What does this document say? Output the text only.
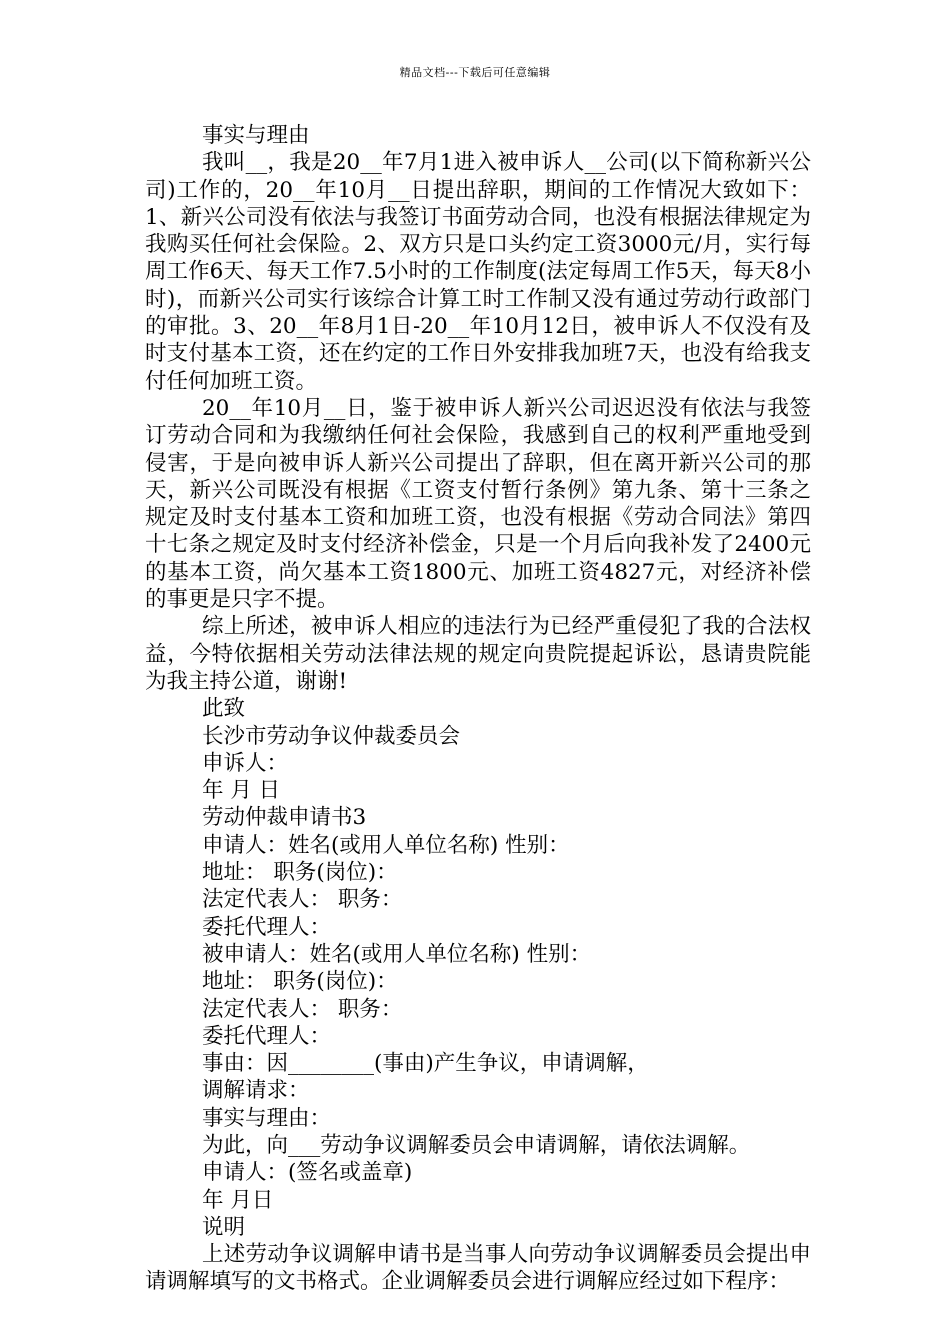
精品文档---下载后可任意编辑

事实与理由

我叫__，我是20__年7月1进入被申诉人__公司(以下简称新兴公司)工作的，20__年10月__日提出辞职，期间的工作情况大致如下：1、新兴公司没有依法与我签订书面劳动合同，也没有根据法律规定为我购买任何社会保险。2、双方只是口头约定工资3000元/月，实行每周工作6天、每天工作7.5小时的工作制度(法定每周工作5天，每天8小时)，而新兴公司实行该综合计算工时工作制又没有通过劳动行政部门的审批。3、20__年8月1日-20__年10月12日，被申诉人不仅没有及时支付基本工资，还在约定的工作日外安排我加班7天，也没有给我支付任何加班工资。

20__年10月__日，鉴于被申诉人新兴公司迟迟没有依法与我签订劳动合同和为我缴纳任何社会保险，我感到自己的权利严重地受到侵害，于是向被申诉人新兴公司提出了辞职，但在离开新兴公司的那天，新兴公司既没有根据《工资支付暂行条例》第九条、第十三条之规定及时支付基本工资和加班工资，也没有根据《劳动合同法》第四十七条之规定及时支付经济补偿金，只是一个月后向我补发了2400元的基本工资，尚欠基本工资1800元、加班工资4827元，对经济补偿的事更是只字不提。

综上所述，被申诉人相应的违法行为已经严重侵犯了我的合法权益，今特依据相关劳动法律法规的规定向贵院提起诉讼，恳请贵院能为我主持公道，谢谢!

此致

长沙市劳动争议仲裁委员会

申诉人：

年 月 日

劳动仲裁申请书3

申请人：姓名(或用人单位名称) 性别：

地址： 职务(岗位)：

法定代表人： 职务：

委托代理人：

被申请人：姓名(或用人单位名称) 性别：

地址： 职务(岗位)：

法定代表人： 职务：

委托代理人：

事由：因________(事由)产生争议，申请调解，

调解请求：

事实与理由：

为此，向___劳动争议调解委员会申请调解，请依法调解。

申请人：(签名或盖章)

年 月日

说明

上述劳动争议调解申请书是当事人向劳动争议调解委员会提出申请调解填写的文书格式。企业调解委员会进行调解应经过如下程序：
